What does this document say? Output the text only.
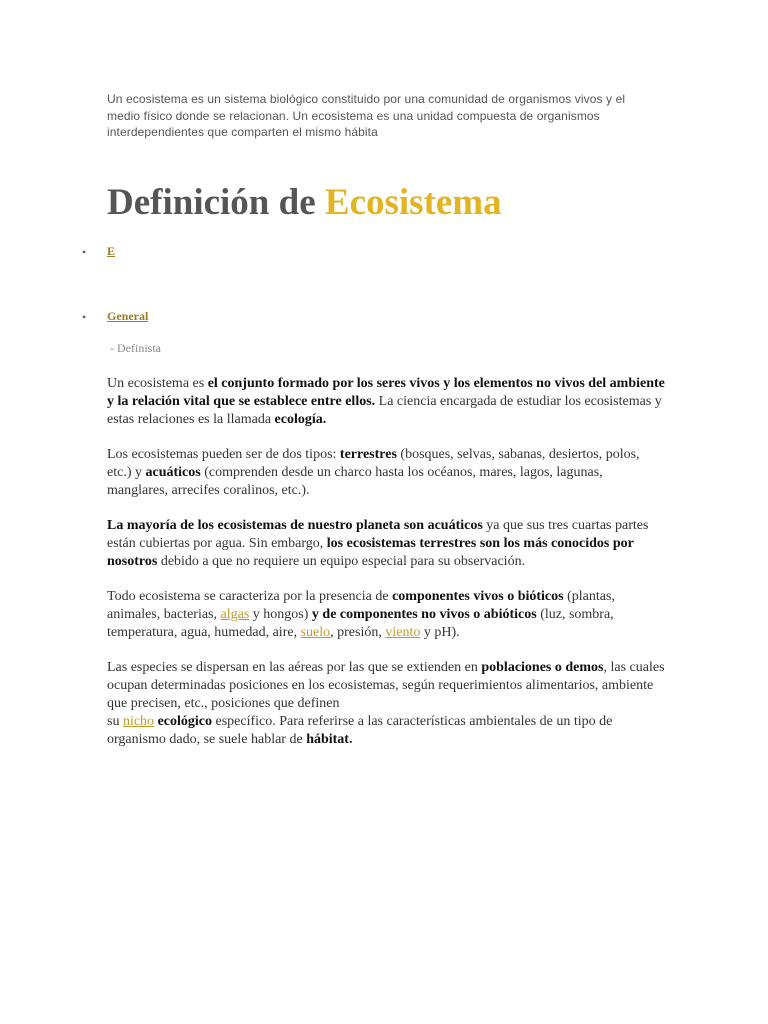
Un ecosistema es un sistema biológico constituido por una comunidad de organismos vivos y el medio físico donde se relacionan. Un ecosistema es una unidad compuesta de organismos interdependientes que comparten el mismo hábita
Definición de Ecosistema
• E
• General
- Definista

Un ecosistema es el conjunto formado por los seres vivos y los elementos no vivos del ambiente y la relación vital que se establece entre ellos. La ciencia encargada de estudiar los ecosistemas y estas relaciones es la llamada ecología.

Los ecosistemas pueden ser de dos tipos: terrestres (bosques, selvas, sabanas, desiertos, polos, etc.) y acuáticos (comprenden desde un charco hasta los océanos, mares, lagos, lagunas, manglares, arrecifes coralinos, etc.).

La mayoría de los ecosistemas de nuestro planeta son acuáticos ya que sus tres cuartas partes están cubiertas por agua. Sin embargo, los ecosistemas terrestres son los más conocidos por nosotros debido a que no requiere un equipo especial para su observación.

Todo ecosistema se caracteriza por la presencia de componentes vivos o bióticos (plantas, animales, bacterias, algas y hongos) y de componentes no vivos o abióticos (luz, sombra, temperatura, agua, humedad, aire, suelo, presión, viento y pH).

Las especies se dispersan en las aéreas por las que se extienden en poblaciones o demos, las cuales ocupan determinadas posiciones en los ecosistemas, según requerimientos alimentarios, ambiente que precisen, etc., posiciones que definen
su nicho ecológico específico. Para referirse a las características ambientales de un tipo de organismo dado, se suele hablar de hábitat.
